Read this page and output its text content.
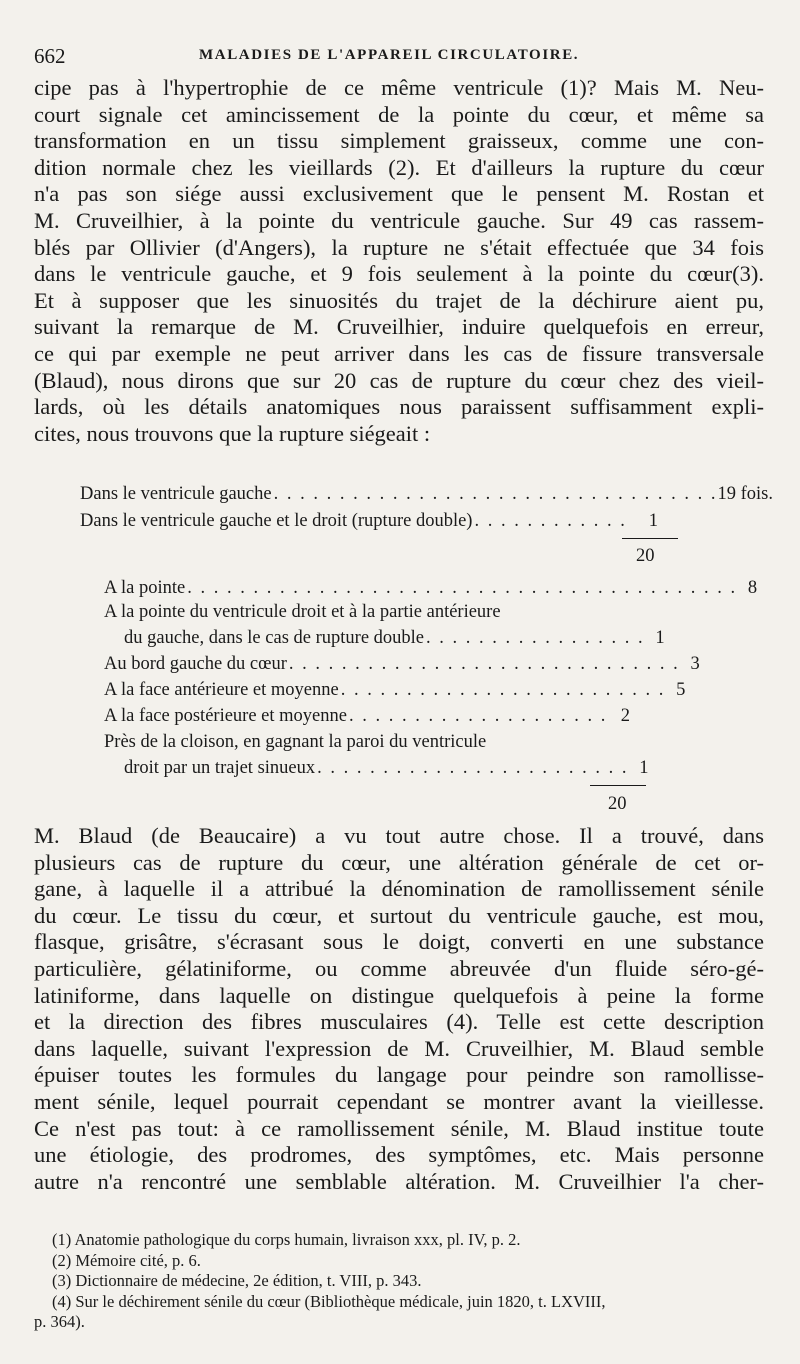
662	MALADIES DE L'APPAREIL CIRCULATOIRE.
cipe pas à l'hypertrophie de ce même ventricule (1)? Mais M. Neu-
court signale cet amincissement de la pointe du cœur, et même sa
transformation en un tissu simplement graisseux, comme une con-
dition normale chez les vieillards (2). Et d'ailleurs la rupture du cœur
n'a pas son siége aussi exclusivement que le pensent M. Rostan et
M. Cruveilhier, à la pointe du ventricule gauche. Sur 49 cas rassem-
blés par Ollivier (d'Angers), la rupture ne s'était effectuée que 34 fois
dans le ventricule gauche, et 9 fois seulement à la pointe du cœur(3).
Et à supposer que les sinuosités du trajet de la déchirure aient pu,
suivant la remarque de M. Cruveilhier, induire quelquefois en erreur,
ce qui par exemple ne peut arriver dans les cas de fissure transversale
(Blaud), nous dirons que sur 20 cas de rupture du cœur chez des vieil-
lards, où les détails anatomiques nous paraissent suffisamment expli-
cites, nous trouvons que la rupture siégeait :
Dans le ventricule gauche . . . . . . . . . . . . . . . . . . . . . . . . . . . . . . . . . . 19 fois.
Dans le ventricule gauche et le droit (rupture double) . . . . . . . . . . . .	1
20
A la pointe . . . . . . . . . . . . . . . . . . . . . . . . . . . . . . . . . . . . . . . . . . 8
A la pointe du ventricule droit et à la partie antérieure
du gauche, dans le cas de rupture double . . . . . . . . . . . . . . . . . 1
Au bord gauche du cœur . . . . . . . . . . . . . . . . . . . . . . . . . . . . . . 3
A la face antérieure et moyenne . . . . . . . . . . . . . . . . . . . . . . . . . 5
A la face postérieure et moyenne . . . . . . . . . . . . . . . . . . . . 2
Près de la cloison, en gagnant la paroi du ventricule
droit par un trajet sinueux . . . . . . . . . . . . . . . . . . . . . . . . 1
20
M. Blaud (de Beaucaire) a vu tout autre chose. Il a trouvé, dans
plusieurs cas de rupture du cœur, une altération générale de cet or-
gane, à laquelle il a attribué la dénomination de ramollissement sénile
du cœur. Le tissu du cœur, et surtout du ventricule gauche, est mou,
flasque, grisâtre, s'écrasant sous le doigt, converti en une substance
particulière, gélatiniforme, ou comme abreuvée d'un fluide séro-gé-
latiniforme, dans laquelle on distingue quelquefois à peine la forme
et la direction des fibres musculaires (4). Telle est cette description
dans laquelle, suivant l'expression de M. Cruveilhier, M. Blaud semble
épuiser toutes les formules du langage pour peindre son ramollisse-
ment sénile, lequel pourrait cependant se montrer avant la vieillesse.
Ce n'est pas tout: à ce ramollissement sénile, M. Blaud institue toute
une étiologie, des prodromes, des symptômes, etc. Mais personne
autre n'a rencontré une semblable altération. M. Cruveilhier l'a cher-
(1) Anatomie pathologique du corps humain, livraison xxx, pl. IV, p. 2.
(2) Mémoire cité, p. 6.
(3) Dictionnaire de médecine, 2e édition, t. VIII, p. 343.
(4) Sur le déchirement sénile du cœur (Bibliothèque médicale, juin 1820, t. LXVIII,
p. 364).
